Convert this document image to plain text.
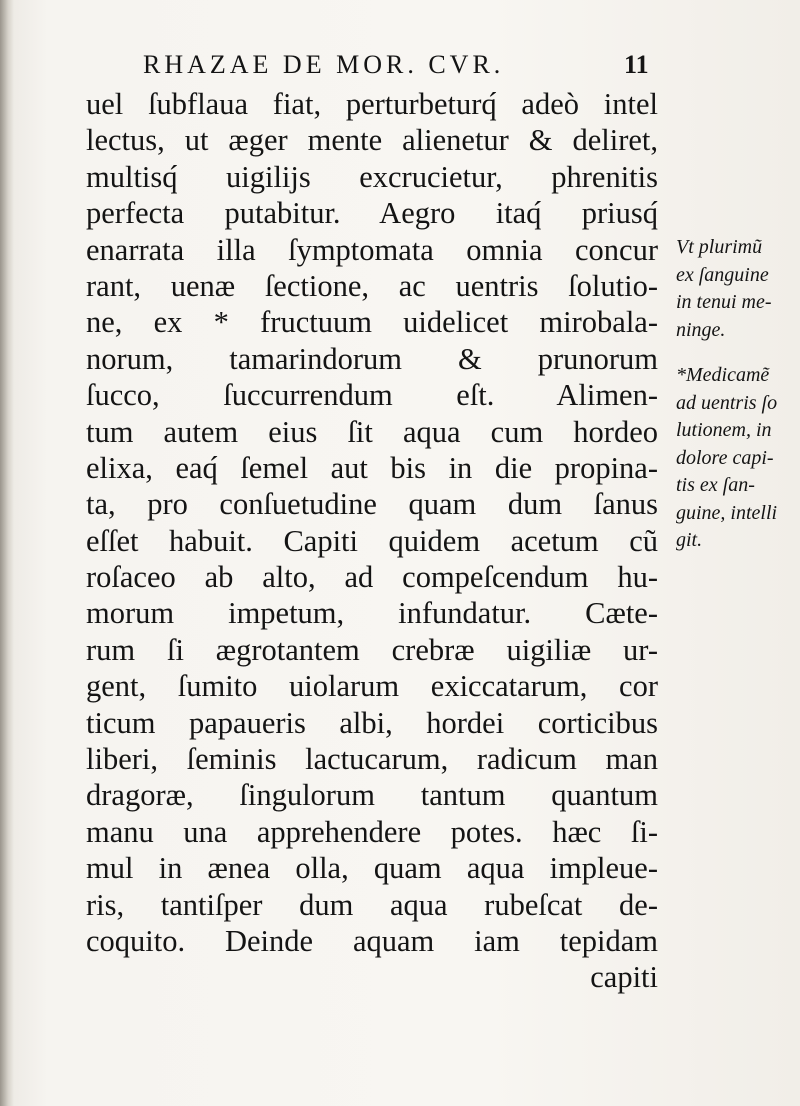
RHAZAE DE MOR. CVR.	11
uel ſubflaua fiat, perturbeturq́ adeò intel
lectus, ut æger mente alienetur & deliret,
multisq́ uigilijs excrucietur, phrenitis
perfecta putabitur. Aegro itaq́ priusq́
enarrata illa ſymptomata omnia concur
rant, uenæ ſectione, ac uentris ſolutio-
ne, ex * fructuum uidelicet mirobala-
norum, tamarindorum & prunorum
ſucco, ſuccurrendum eſt. Alimen-
tum autem eius ſit aqua cum hordeo
elixa, eaq́ ſemel aut bis in die propina-
ta, pro conſuetudine quam dum ſanus
eſſet habuit. Capiti quidem acetum cũ
roſaceo ab alto, ad compeſcendum hu-
morum impetum, infundatur. Cæte-
rum ſi ægrotantem crebræ uigiliæ ur-
gent, ſumito uiolarum exiccatarum, cor
ticum papaueris albi, hordei corticibus
liberi, ſeminis lactucarum, radicum man
dragoræ, ſingulorum tantum quantum
manu una apprehendere potes. hæc ſi-
mul in ænea olla, quam aqua impleue-
ris, tantiſper dum aqua rubeſcat de-
coquito. Deinde aquam iam tepidam
capiti
Vt plurimũ
ex ſanguine
in tenui me-
ninge.
*Medicamẽ
ad uentris ſo
lutionem, in
dolore capi-
tis ex ſan-
guine, intelli
git.
